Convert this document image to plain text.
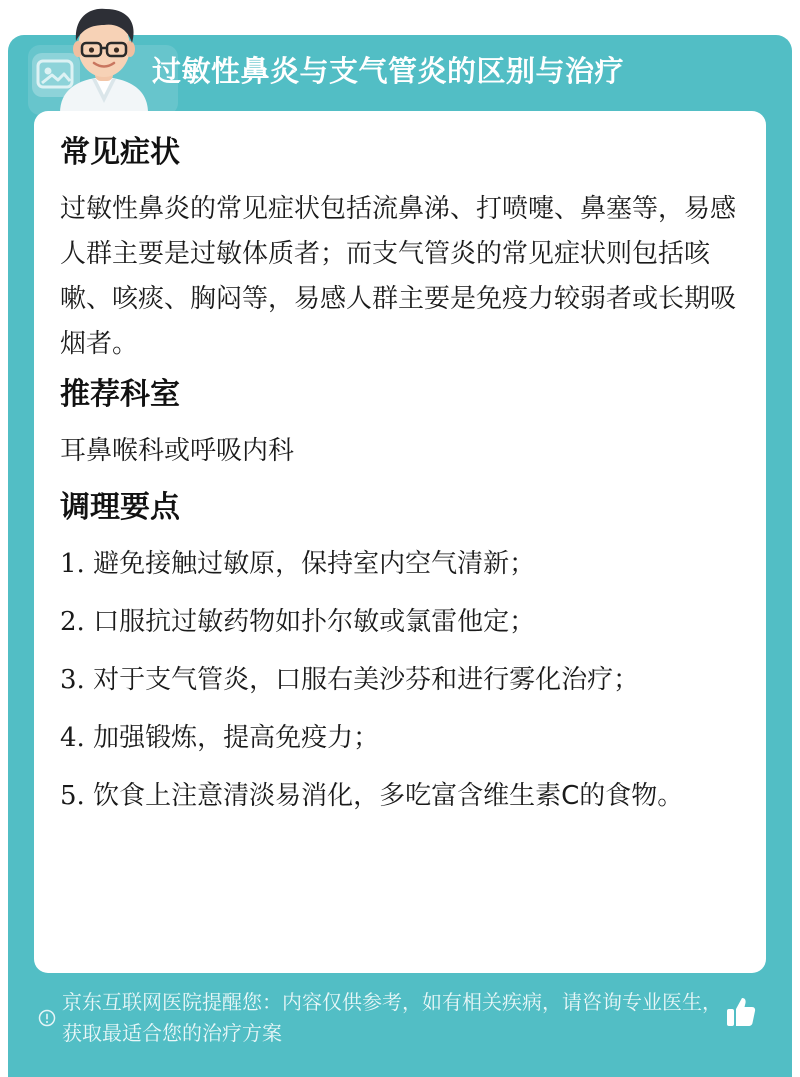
过敏性鼻炎与支气管炎的区别与治疗
常见症状
过敏性鼻炎的常见症状包括流鼻涕、打喷嚏、鼻塞等，易感人群主要是过敏体质者；而支气管炎的常见症状则包括咳嗽、咳痰、胸闷等，易感人群主要是免疫力较弱者或长期吸烟者。
推荐科室
耳鼻喉科或呼吸内科
调理要点
1. 避免接触过敏原，保持室内空气清新；
2. 口服抗过敏药物如扑尔敏或氯雷他定；
3. 对于支气管炎，口服右美沙芬和进行雾化治疗；
4. 加强锻炼，提高免疫力；
5. 饮食上注意清淡易消化，多吃富含维生素C的食物。
京东互联网医院提醒您：内容仅供参考，如有相关疾病，请咨询专业医生，获取最适合您的治疗方案
